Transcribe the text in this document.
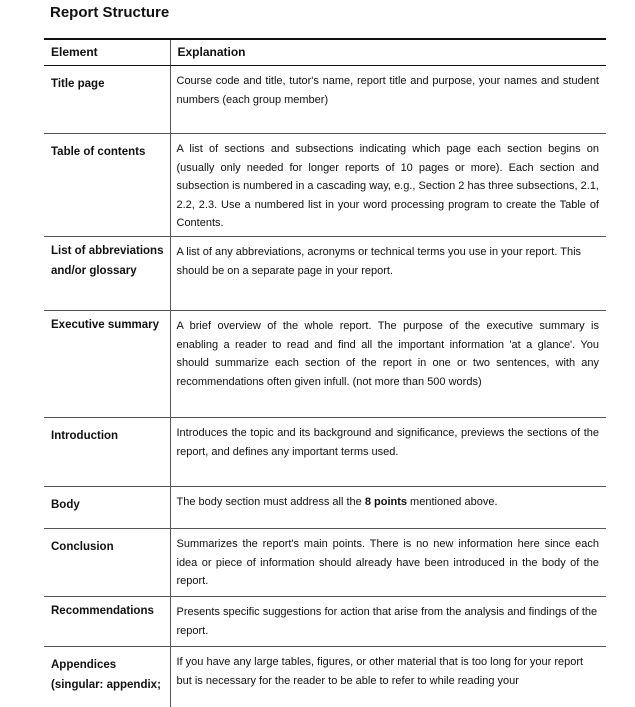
Report Structure
Element	Explanation
Title page	Course code and title, tutor's name, report title and purpose, your names and student numbers (each group member)
Table of contents	A list of sections and subsections indicating which page each section begins on (usually only needed for longer reports of 10 pages or more). Each section and subsection is numbered in a cascading way, e.g., Section 2 has three subsections, 2.1, 2.2, 2.3. Use a numbered list in your word processing program to create the Table of Contents.
List of abbreviations and/or glossary	A list of any abbreviations, acronyms or technical terms you use in your report. This should be on a separate page in your report.
Executive summary	A brief overview of the whole report. The purpose of the executive summary is enabling a reader to read and find all the important information 'at a glance'. You should summarize each section of the report in one or two sentences, with any recommendations often given infull. (not more than 500 words)
Introduction	Introduces the topic and its background and significance, previews the sections of the report, and defines any important terms used.
Body	The body section must address all the 8 points mentioned above.
Conclusion	Summarizes the report's main points. There is no new information here since each idea or piece of information should already have been introduced in the body of the report.
Recommendations	Presents specific suggestions for action that arise from the analysis and findings of the report.
Appendices (singular: appendix;	If you have any large tables, figures, or other material that is too long for your report but is necessary for the reader to be able to refer to while reading your
